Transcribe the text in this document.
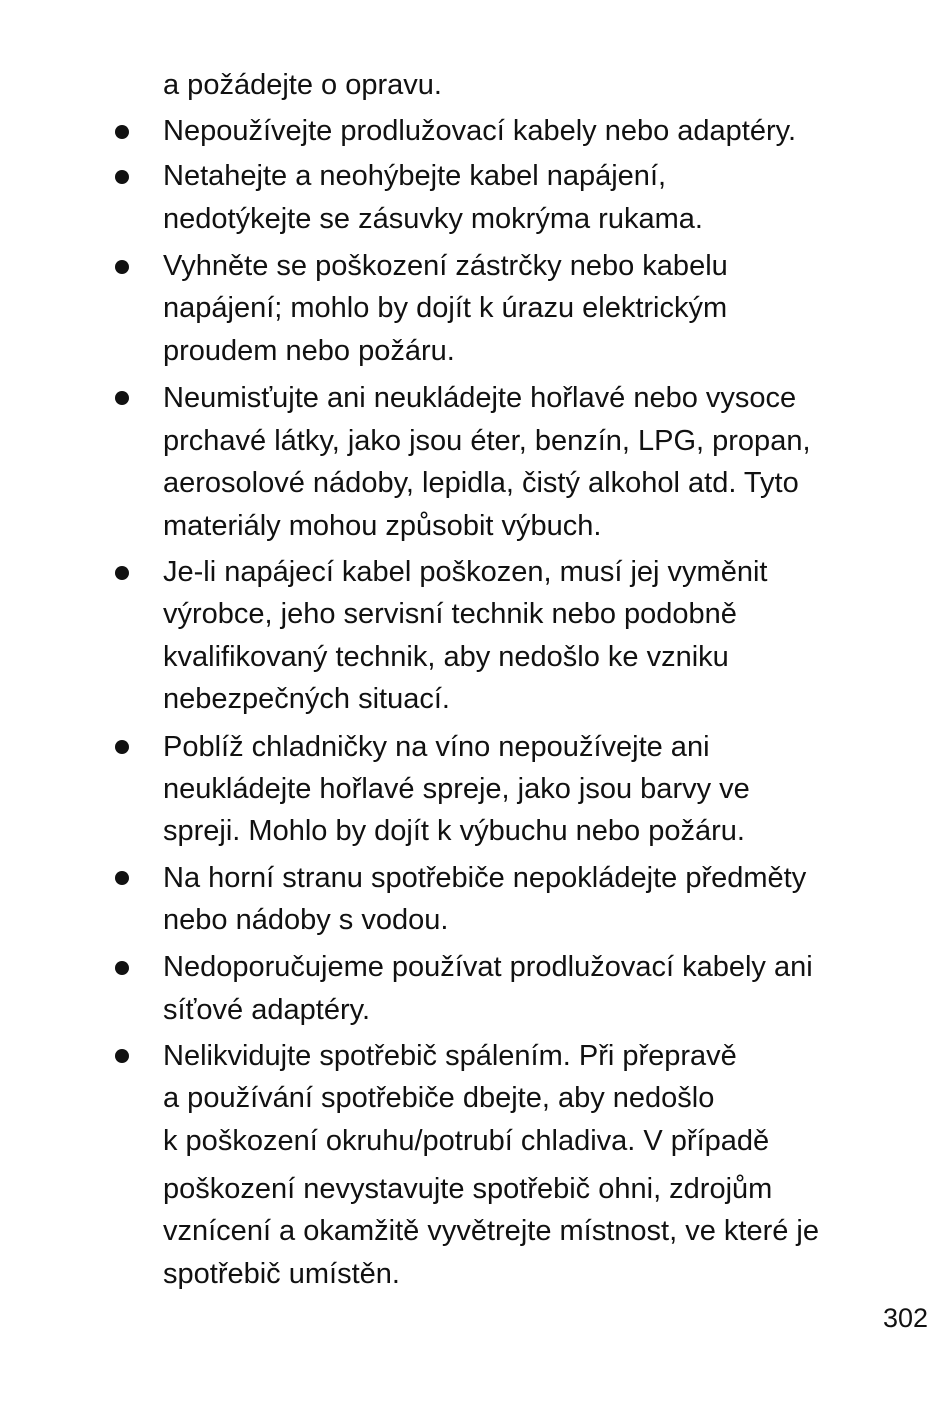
a požádejte o opravu.
Nepoužívejte prodlužovací kabely nebo adaptéry.
Netahejte a neohýbejte kabel napájení,
nedotýkejte se zásuvky mokrýma rukama.
Vyhněte se poškození zástrčky nebo kabelu
napájení; mohlo by dojít k úrazu elektrickým
proudem nebo požáru.
Neumisťujte ani neukládejte hořlavé nebo vysoce
prchavé látky, jako jsou éter, benzín, LPG, propan,
aerosolové nádoby, lepidla, čistý alkohol atd. Tyto
materiály mohou způsobit výbuch.
Je-li napájecí kabel poškozen, musí jej vyměnit
výrobce, jeho servisní technik nebo podobně
kvalifikovaný technik, aby nedošlo ke vzniku
nebezpečných situací.
Poblíž chladničky na víno nepoužívejte ani
neukládejte hořlavé spreje, jako jsou barvy ve
spreji. Mohlo by dojít k výbuchu nebo požáru.
Na horní stranu spotřebiče nepokládejte předměty
nebo nádoby s vodou.
Nedoporučujeme používat prodlužovací kabely ani
síťové adaptéry.
Nelikvidujte spotřebič spálením. Při přepravě
a používání spotřebiče dbejte, aby nedošlo
k poškození okruhu/potrubí chladiva. V případě
poškození nevystavujte spotřebič ohni, zdrojům
vznícení a okamžitě vyvětrejte místnost, ve které je
spotřebič umístěn.
302
